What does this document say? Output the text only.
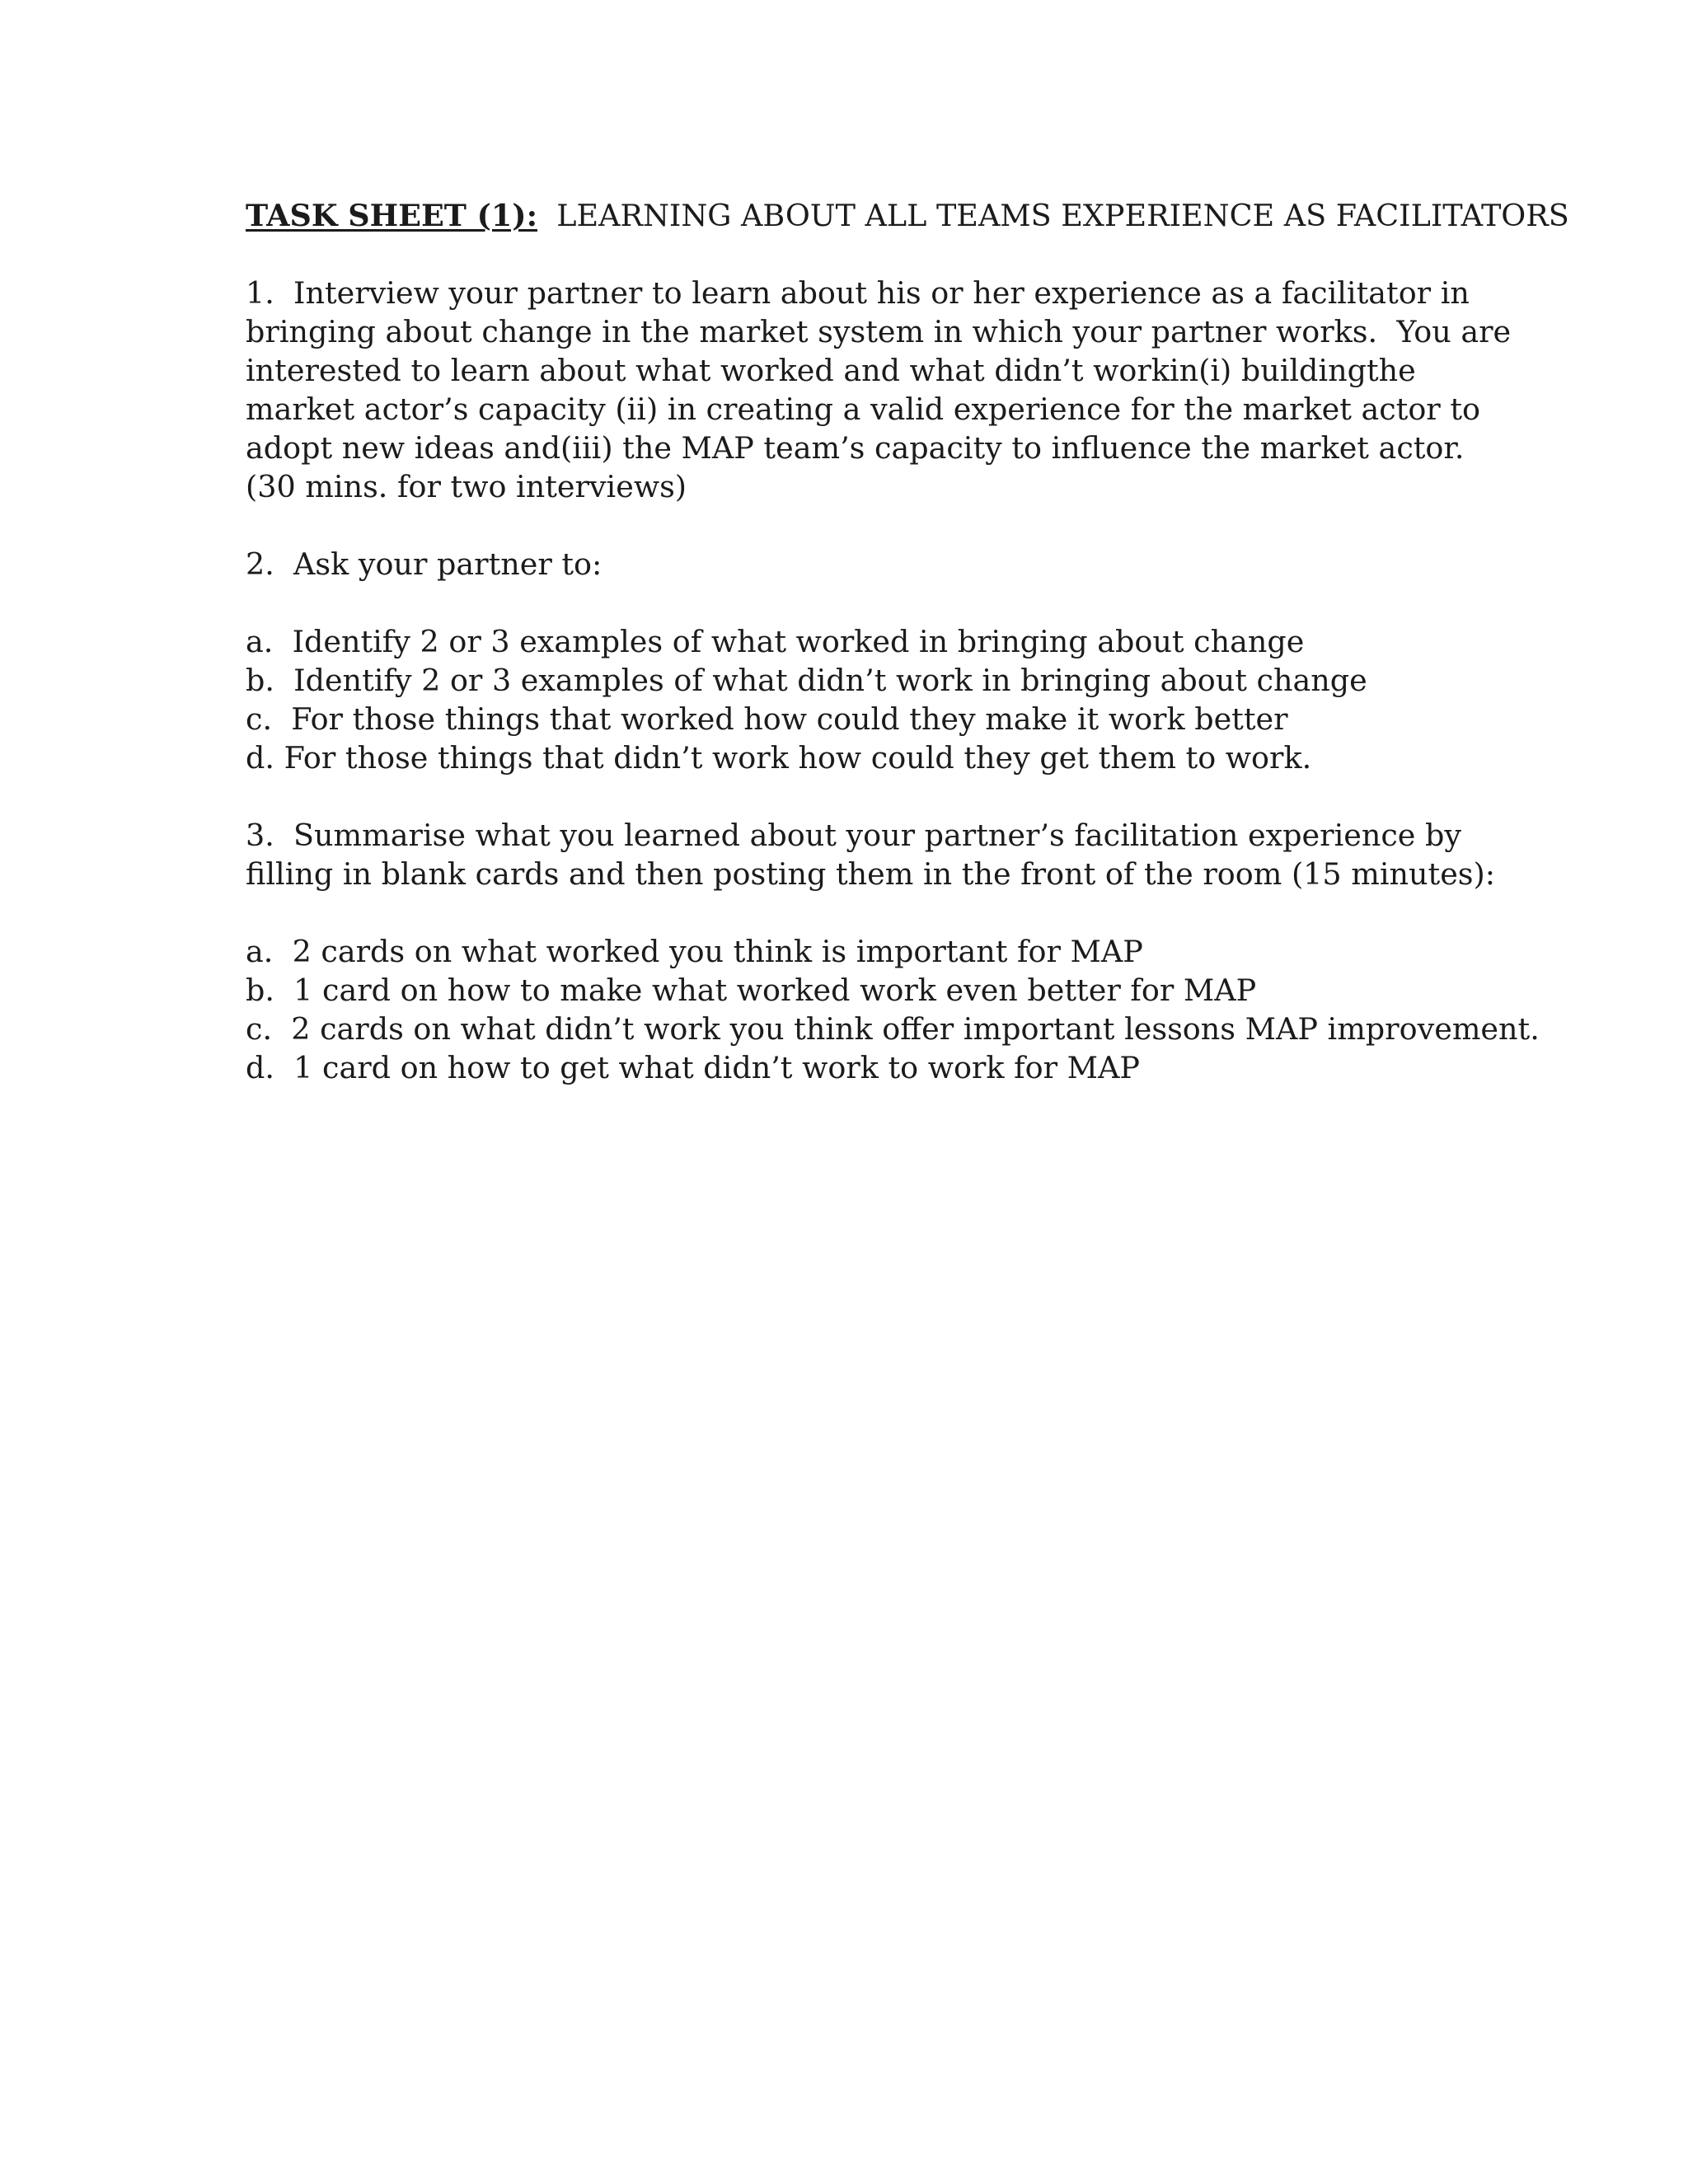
TASK SHEET (1):  LEARNING ABOUT ALL TEAMS EXPERIENCE AS FACILITATORS
1.  Interview your partner to learn about his or her experience as a facilitator in
bringing about change in the market system in which your partner works.  You are
interested to learn about what worked and what didn’t workin(i) buildingthe
market actor’s capacity (ii) in creating a valid experience for the market actor to
adopt new ideas and(iii) the MAP team’s capacity to influence the market actor.
(30 mins. for two interviews)
2.  Ask your partner to:
a.  Identify 2 or 3 examples of what worked in bringing about change
b.  Identify 2 or 3 examples of what didn’t work in bringing about change
c.  For those things that worked how could they make it work better
d. For those things that didn’t work how could they get them to work.
3.  Summarise what you learned about your partner’s facilitation experience by
filling in blank cards and then posting them in the front of the room (15 minutes):
a.  2 cards on what worked you think is important for MAP
b.  1 card on how to make what worked work even better for MAP
c.  2 cards on what didn’t work you think offer important lessons MAP improvement.
d.  1 card on how to get what didn’t work to work for MAP
